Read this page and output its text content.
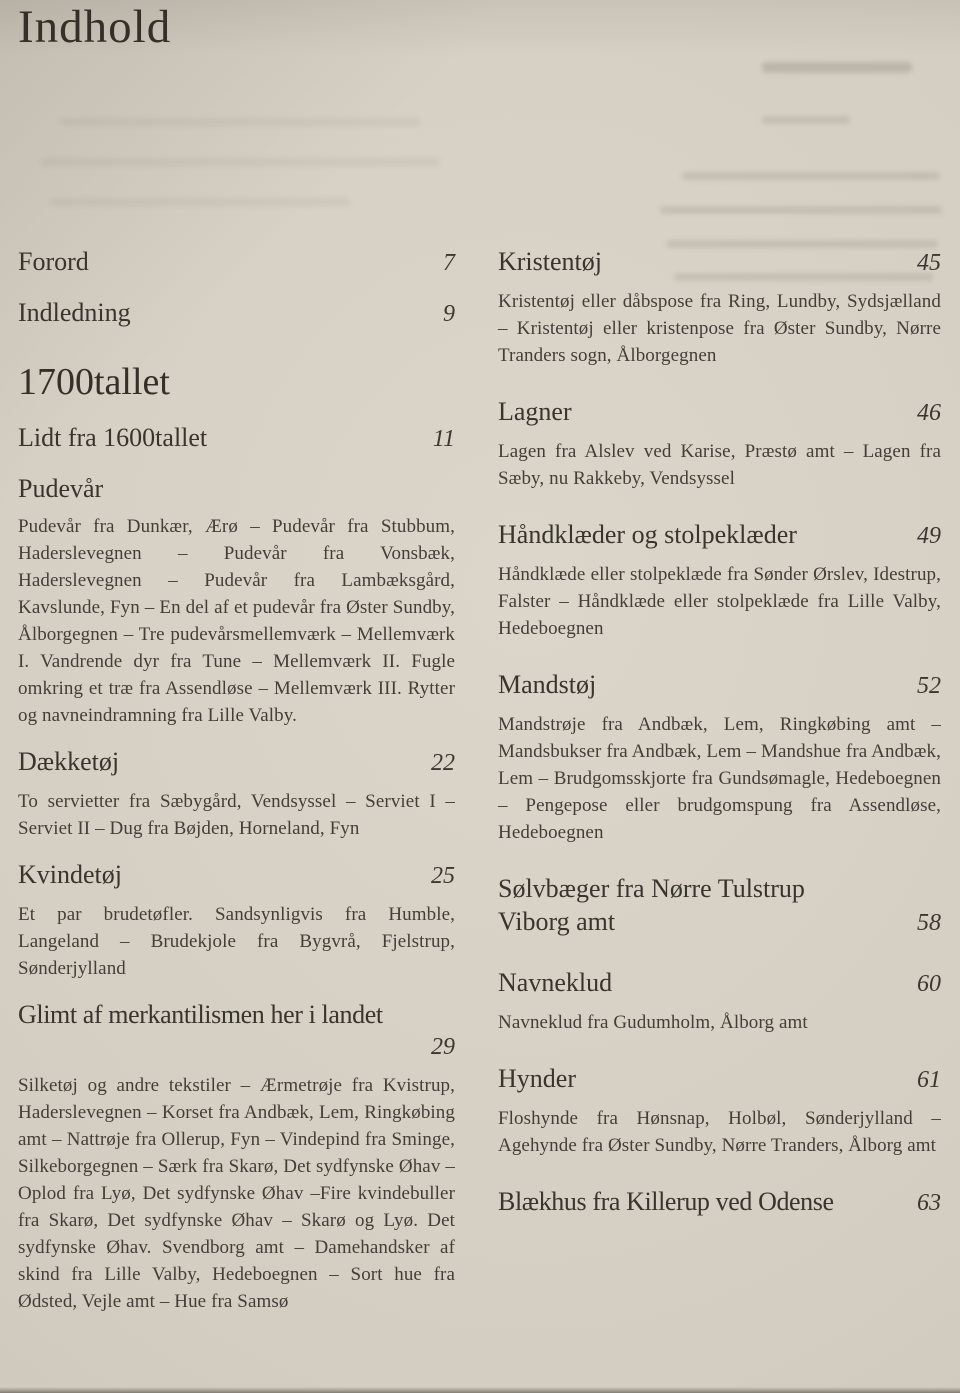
Indhold
Forord	7
Indledning	9
1700tallet
Lidt fra 1600tallet	11
Pudevår

Pudevår fra Dunkær, Ærø – Pudevår fra Stubbum, Haderslevegnen – Pudevår fra Vonsbæk, Haderslevegnen – Pudevår fra Lambæksgård, Kavslunde, Fyn – En del af et pudevår fra Øster Sundby, Ålborgegnen – Tre pudevårsmellemværk – Mellemværk I. Vandrende dyr fra Tune – Mellemværk II. Fugle omkring et træ fra Assendløse – Mellemværk III. Rytter og navneindramning fra Lille Valby.

Dækketøj	22

To servietter fra Sæbygård, Vendsyssel – Serviet I – Serviet II – Dug fra Bøjden, Horneland, Fyn

Kvindetøj	25

Et par brudetøfler. Sandsynligvis fra Humble, Langeland – Brudekjole fra Bygvrå, Fjelstrup, Sønderjylland

Glimt af merkantilismen her i landet
29

Silketøj og andre tekstiler – Ærmetrøje fra Kvistrup, Haderslevegnen – Korset fra Andbæk, Lem, Ringkøbing amt – Nattrøje fra Ollerup, Fyn – Vindepind fra Sminge, Silkeborgegnen – Særk fra Skarø, Det sydfynske Øhav – Oplod fra Lyø, Det sydfynske Øhav –Fire kvindebuller fra Skarø, Det sydfynske Øhav – Skarø og Lyø. Det sydfynske Øhav. Svendborg amt – Damehandsker af skind fra Lille Valby, Hedeboegnen – Sort hue fra Ødsted, Vejle amt – Hue fra Samsø

Kristentøj	45

Kristentøj eller dåbspose fra Ring, Lundby, Sydsjælland – Kristentøj eller kristenpose fra Øster Sundby, Nørre Tranders sogn, Ålborgegnen

Lagner	46

Lagen fra Alslev ved Karise, Præstø amt – Lagen fra Sæby, nu Rakkeby, Vendsyssel

Håndklæder og stolpeklæder	49

Håndklæde eller stolpeklæde fra Sønder Ørslev, Idestrup, Falster – Håndklæde eller stolpeklæde fra Lille Valby, Hedeboegnen

Mandstøj	52

Mandstrøje fra Andbæk, Lem, Ringkøbing amt – Mandsbukser fra Andbæk, Lem – Mandshue fra Andbæk, Lem – Brudgomsskjorte fra Gundsømagle, Hedeboegnen – Pengepose eller brudgomspung fra Assendløse, Hedeboegnen

Sølvbæger fra Nørre Tulstrup
Viborg amt	58
Navneklud	60

Navneklud fra Gudumholm, Ålborg amt

Hynder	61

Floshynde fra Hønsnap, Holbøl, Sønderjylland – Agehynde fra Øster Sundby, Nørre Tranders, Ålborg amt

Blækhus fra Killerup ved Odense	63
